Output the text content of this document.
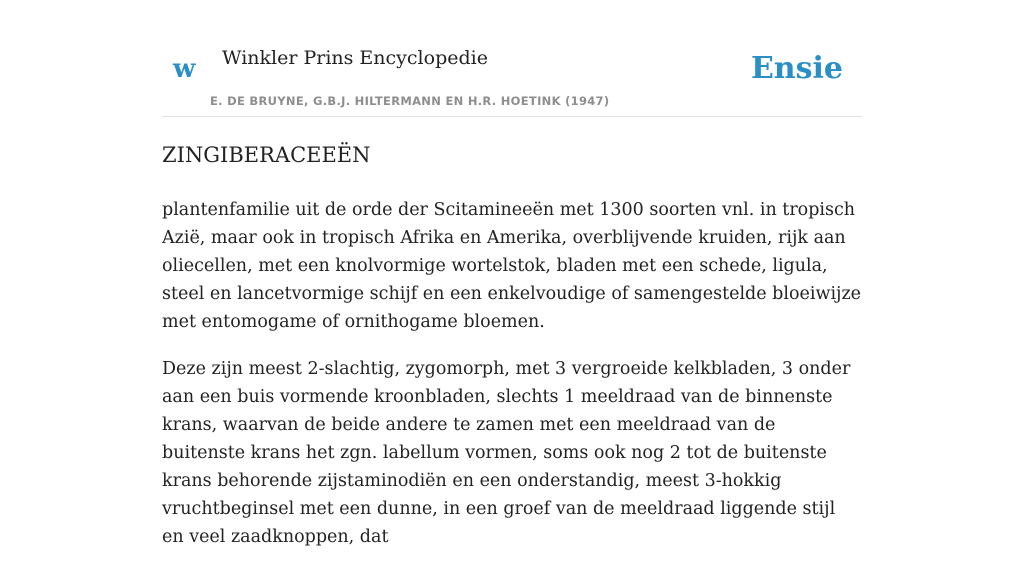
w Winkler Prins Encyclopedie
E. DE BRUYNE, G.B.J. HILTERMANN EN H.R. HOETINK (1947)
Ensie
ZINGIBERACEEËN

plantenfamilie uit de orde der Scitamineeën met 1300 soorten vnl. in tropisch Azië, maar ook in tropisch Afrika en Amerika, overblijvende kruiden, rijk aan oliecellen, met een knolvormige wortelstok, bladen met een schede, ligula, steel en lancetvormige schijf en een enkelvoudige of samengestelde bloeiwijze met entomogame of ornithogame bloemen.

Deze zijn meest 2-slachtig, zygomorph, met 3 vergroeide kelkbladen, 3 onder aan een buis vormende kroonbladen, slechts 1 meeldraad van de binnenste krans, waarvan de beide andere te zamen met een meeldraad van de buitenste krans het zgn. labellum vormen, soms ook nog 2 tot de buitenste krans behorende zijstaminodiën en een onderstandig, meest 3-hokkig vruchtbeginsel met een dunne, in een groef van de meeldraad liggende stijl en veel zaadknoppen, dat
